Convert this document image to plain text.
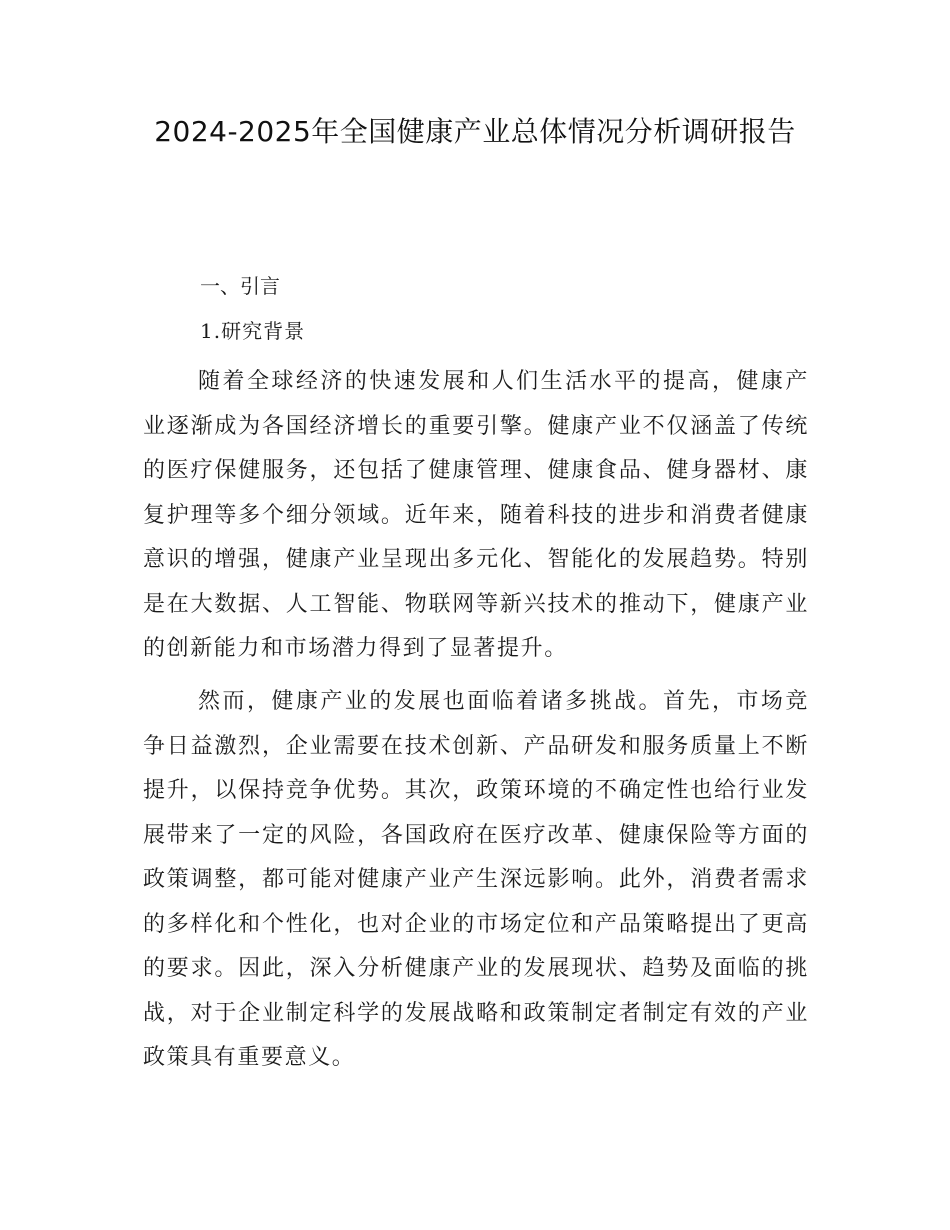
2024-2025年全国健康产业总体情况分析调研报告

一、引言

1.研究背景

随着全球经济的快速发展和人们生活水平的提高，健康产业逐渐成为各国经济增长的重要引擎。健康产业不仅涵盖了传统的医疗保健服务，还包括了健康管理、健康食品、健身器材、康复护理等多个细分领域。近年来，随着科技的进步和消费者健康意识的增强，健康产业呈现出多元化、智能化的发展趋势。特别是在大数据、人工智能、物联网等新兴技术的推动下，健康产业的创新能力和市场潜力得到了显著提升。

然而，健康产业的发展也面临着诸多挑战。首先，市场竞争日益激烈，企业需要在技术创新、产品研发和服务质量上不断提升，以保持竞争优势。其次，政策环境的不确定性也给行业发展带来了一定的风险，各国政府在医疗改革、健康保险等方面的政策调整，都可能对健康产业产生深远影响。此外，消费者需求的多样化和个性化，也对企业的市场定位和产品策略提出了更高的要求。因此，深入分析健康产业的发展现状、趋势及面临的挑战，对于企业制定科学的发展战略和政策制定者制定有效的产业政策具有重要意义。
